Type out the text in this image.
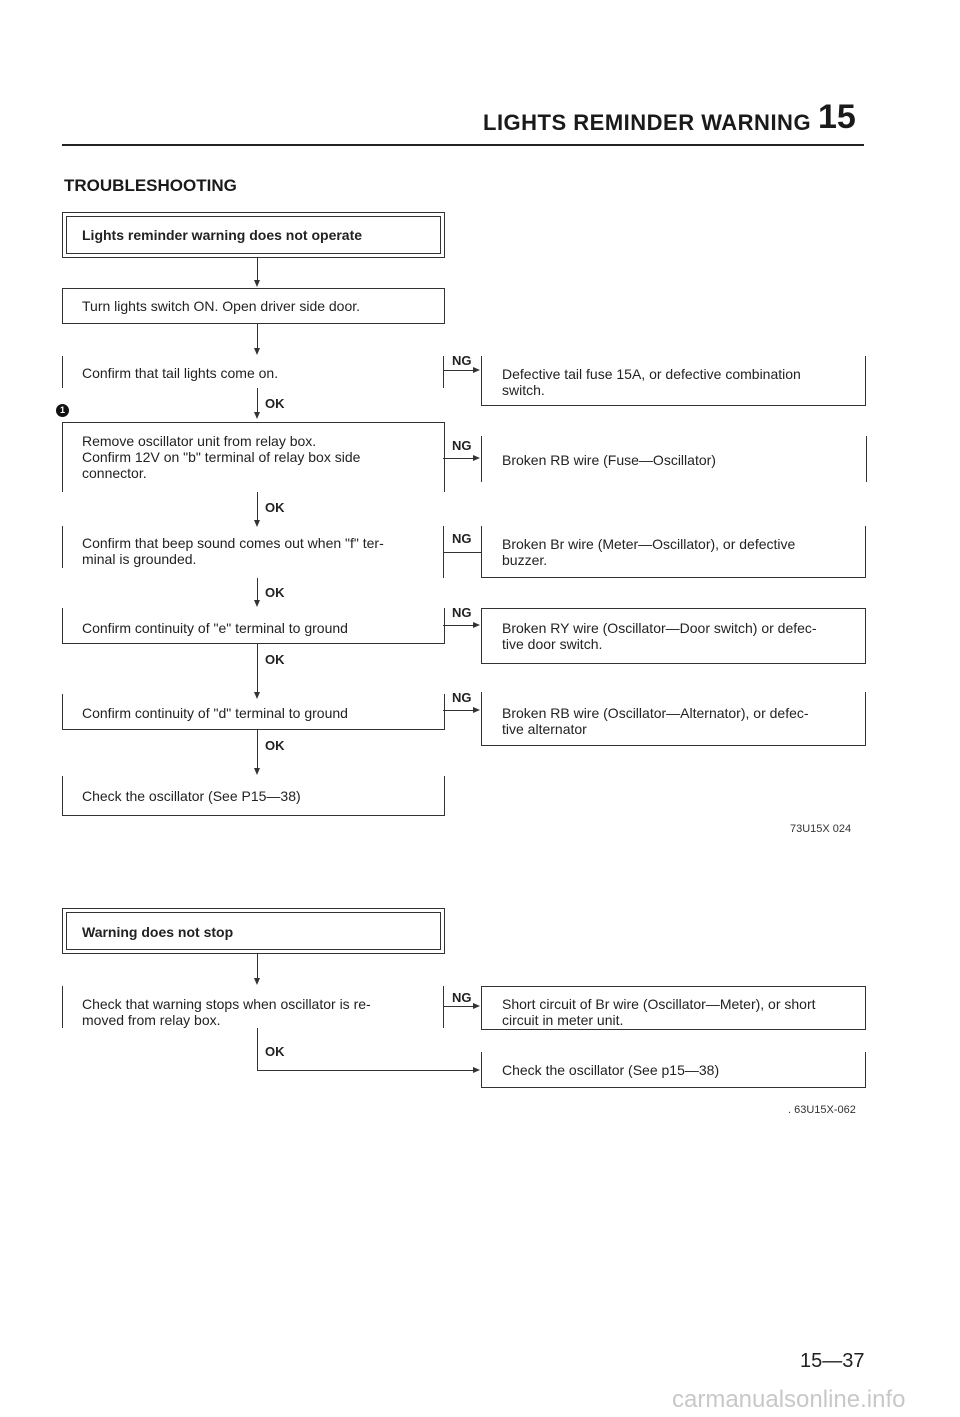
LIGHTS REMINDER WARNING 15
TROUBLESHOOTING
Lights reminder warning does not operate
Turn lights switch ON. Open driver side door.
Confirm that tail lights come on.
NG
Defective tail fuse 15A, or defective combination
switch.
OK
1
Remove oscillator unit from relay box.
Confirm 12V on "b" terminal of relay box side
connector.
NG
Broken RB wire (Fuse—Oscillator)
OK
Confirm that beep sound comes out when "f" ter-
minal is grounded.
NG Broken Br wire (Meter—Oscillator), or defective
buzzer.
OK
Confirm continuity of "e" terminal to ground
NG
Broken RY wire (Oscillator—Door switch) or defec-
tive door switch.
OK
Confirm continuity of "d" terminal to ground
NG
Broken RB wire (Oscillator—Alternator), or defec-
tive alternator
OK
Check the oscillator (See P15—38)
73U15X 024
Warning does not stop
Check that warning stops when oscillator is re-
moved from relay box.
NG Short circuit of Br wire (Oscillator—Meter), or short
circuit in meter unit.
OK
Check the oscillator (See p15—38)
. 63U15X-062
15—37
carmanualsonline.info
